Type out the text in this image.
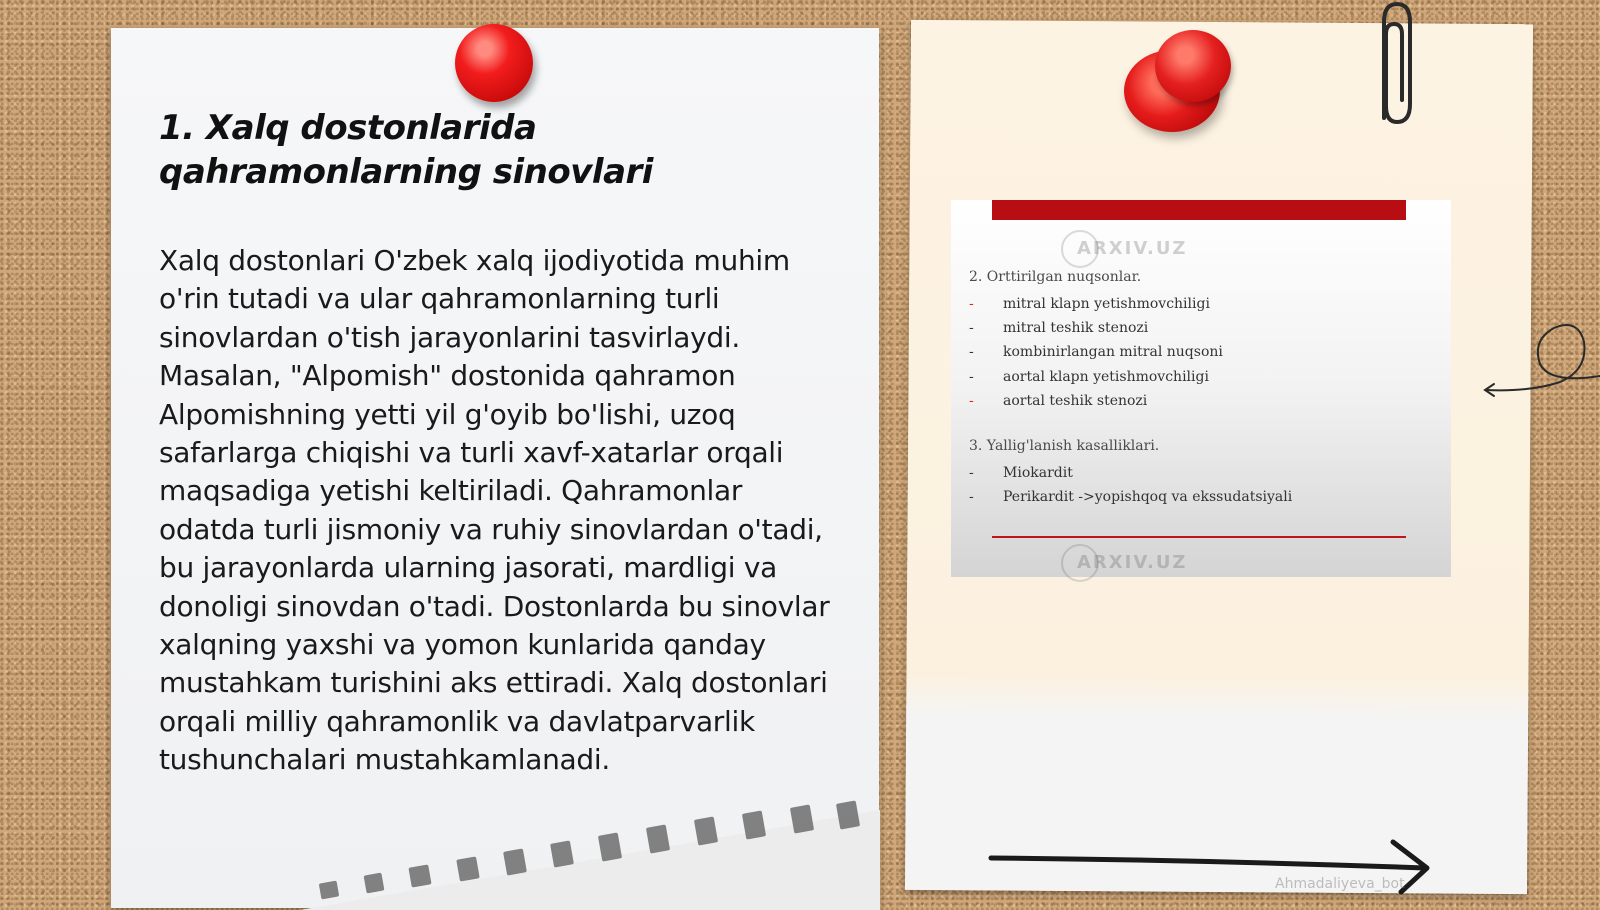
1. Xalq dostonlarida qahramonlarning sinovlari

Xalq dostonlari O'zbek xalq ijodiyotida muhim o'rin tutadi va ular qahramonlarning turli sinovlardan o'tish jarayonlarini tasvirlaydi. Masalan, "Alpomish" dostonida qahramon Alpomishning yetti yil g'oyib bo'lishi, uzoq safarlarga chiqishi va turli xavf-xatarlar orqali maqsadiga yetishi keltiriladi. Qahramonlar odatda turli jismoniy va ruhiy sinovlardan o'tadi, bu jarayonlarda ularning jasorati, mardligi va donoligi sinovdan o'tadi. Dostonlarda bu sinovlar xalqning yaxshi va yomon kunlarida qanday mustahkam turishini aks ettiradi. Xalq dostonlari orqali milliy qahramonlik va davlatparvarlik tushunchalari mustahkamlanadi.

ARXIV.UZ

2. Orttirilgan nuqsonlar.

- mitral klapn yetishmovchiligi
- mitral teshik stenozi
- kombinirlangan mitral nuqsoni
- aortal klapn yetishmovchiligi
- aortal teshik stenozi

3. Yallig'lanish kasalliklari.

- Miokardit
- Perikardit ->yopishqoq va ekssudatsiyali
ARXIV.UZ

Ahmadaliyeva_bot
